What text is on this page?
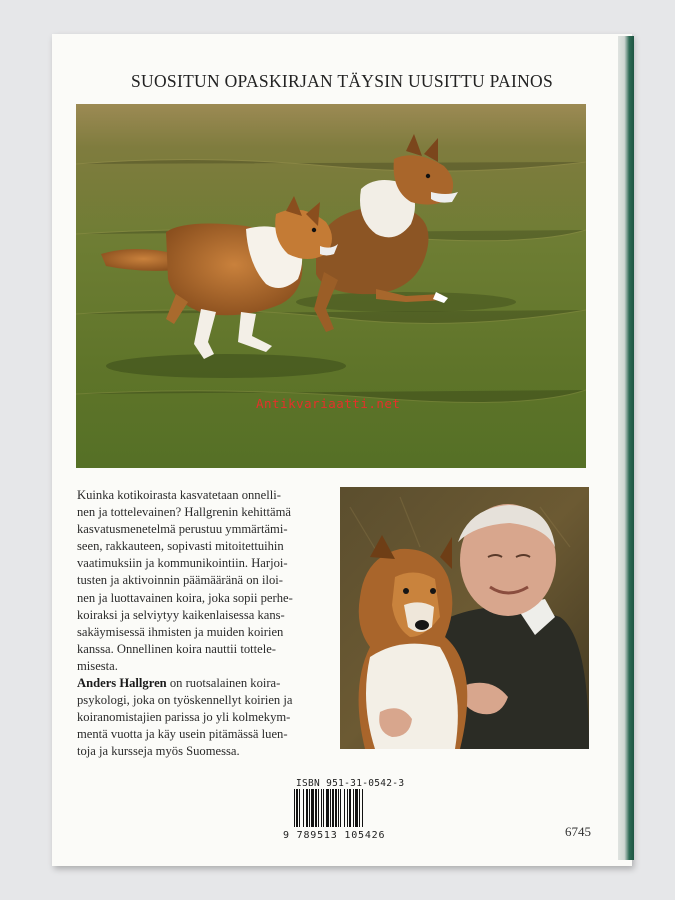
SUOSITUN OPASKIRJAN TÄYSIN UUSITTU PAINOS
Antikvariaatti.net

Kuinka kotikoirasta kasvatetaan onnelli-
nen ja tottelevainen? Hallgrenin kehittämä
kasvatusmenetelmä perustuu ymmärtämi-
seen, rakkauteen, sopivasti mitoitettuihin
vaatimuksiin ja kommunikointiin. Harjoi-
tusten ja aktivoinnin päämääränä on iloi-
nen ja luottavainen koira, joka sopii perhe-
koiraksi ja selviytyy kaikenlaisessa kans-
sakäymisessä ihmisten ja muiden koirien
kanssa. Onnellinen koira nauttii tottele-
misesta.
Anders Hallgren on ruotsalainen koira-
psykologi, joka on työskennellyt koirien ja
koiranomistajien parissa jo yli kolmekym-
mentä vuotta ja käy usein pitämässä luen-
toja ja kursseja myös Suomessa.

ISBN 951-31-0542-3
9 789513 105426	6745
